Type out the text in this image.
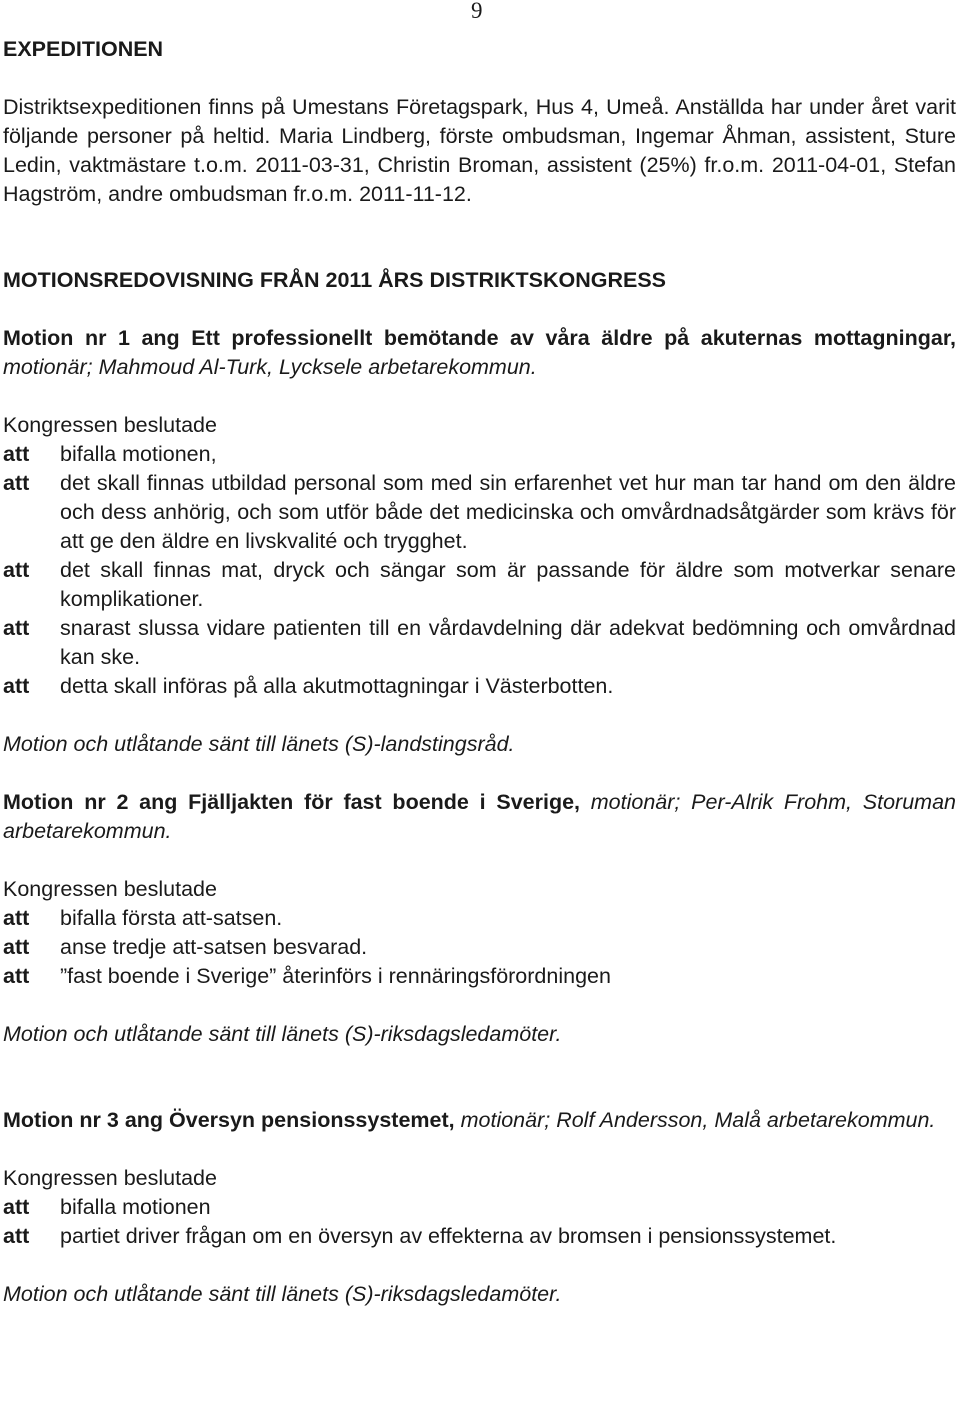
9

EXPEDITIONEN

Distriktsexpeditionen finns på Umestans Företagspark, Hus 4, Umeå. Anställda har under året varit följande personer på heltid. Maria Lindberg, förste ombudsman, Ingemar Åhman, assistent, Sture Ledin, vaktmästare t.o.m. 2011-03-31, Christin Broman, assistent (25%) fr.o.m. 2011-04-01, Stefan Hagström, andre ombudsman fr.o.m. 2011-11-12.

MOTIONSREDOVISNING FRÅN 2011 ÅRS DISTRIKTSKONGRESS

Motion nr 1 ang Ett professionellt bemötande av våra äldre på akuternas mottagningar, motionär; Mahmoud Al-Turk, Lycksele arbetarekommun.

Kongressen beslutade

att	bifalla motionen,
att	det skall finnas utbildad personal som med sin erfarenhet vet hur man tar hand om den äldre och dess anhörig, och som utför både det medicinska och omvårdnadsåtgärder som krävs för att ge den äldre en livskvalité och trygghet.
att	det skall finnas mat, dryck och sängar som är passande för äldre som motverkar senare komplikationer.
att	snarast slussa vidare patienten till en vårdavdelning där adekvat bedömning och omvårdnad kan ske.
att	detta skall införas på alla akutmottagningar i Västerbotten.

Motion och utlåtande sänt till länets (S)-landstingsråd.

Motion nr 2 ang Fjälljakten för fast boende i Sverige, motionär; Per-Alrik Frohm, Storuman arbetarekommun.

Kongressen beslutade

att	bifalla första att-satsen.
att	anse tredje att-satsen besvarad.
att	”fast boende i Sverige” återinförs i rennäringsförordningen

Motion och utlåtande sänt till länets (S)-riksdagsledamöter.

Motion nr 3 ang Översyn pensionssystemet, motionär; Rolf Andersson, Malå arbetarekommun.

Kongressen beslutade

att	bifalla motionen

att partiet driver frågan om en översyn av effekterna av bromsen i pensionssystemet.

Motion och utlåtande sänt till länets (S)-riksdagsledamöter.
